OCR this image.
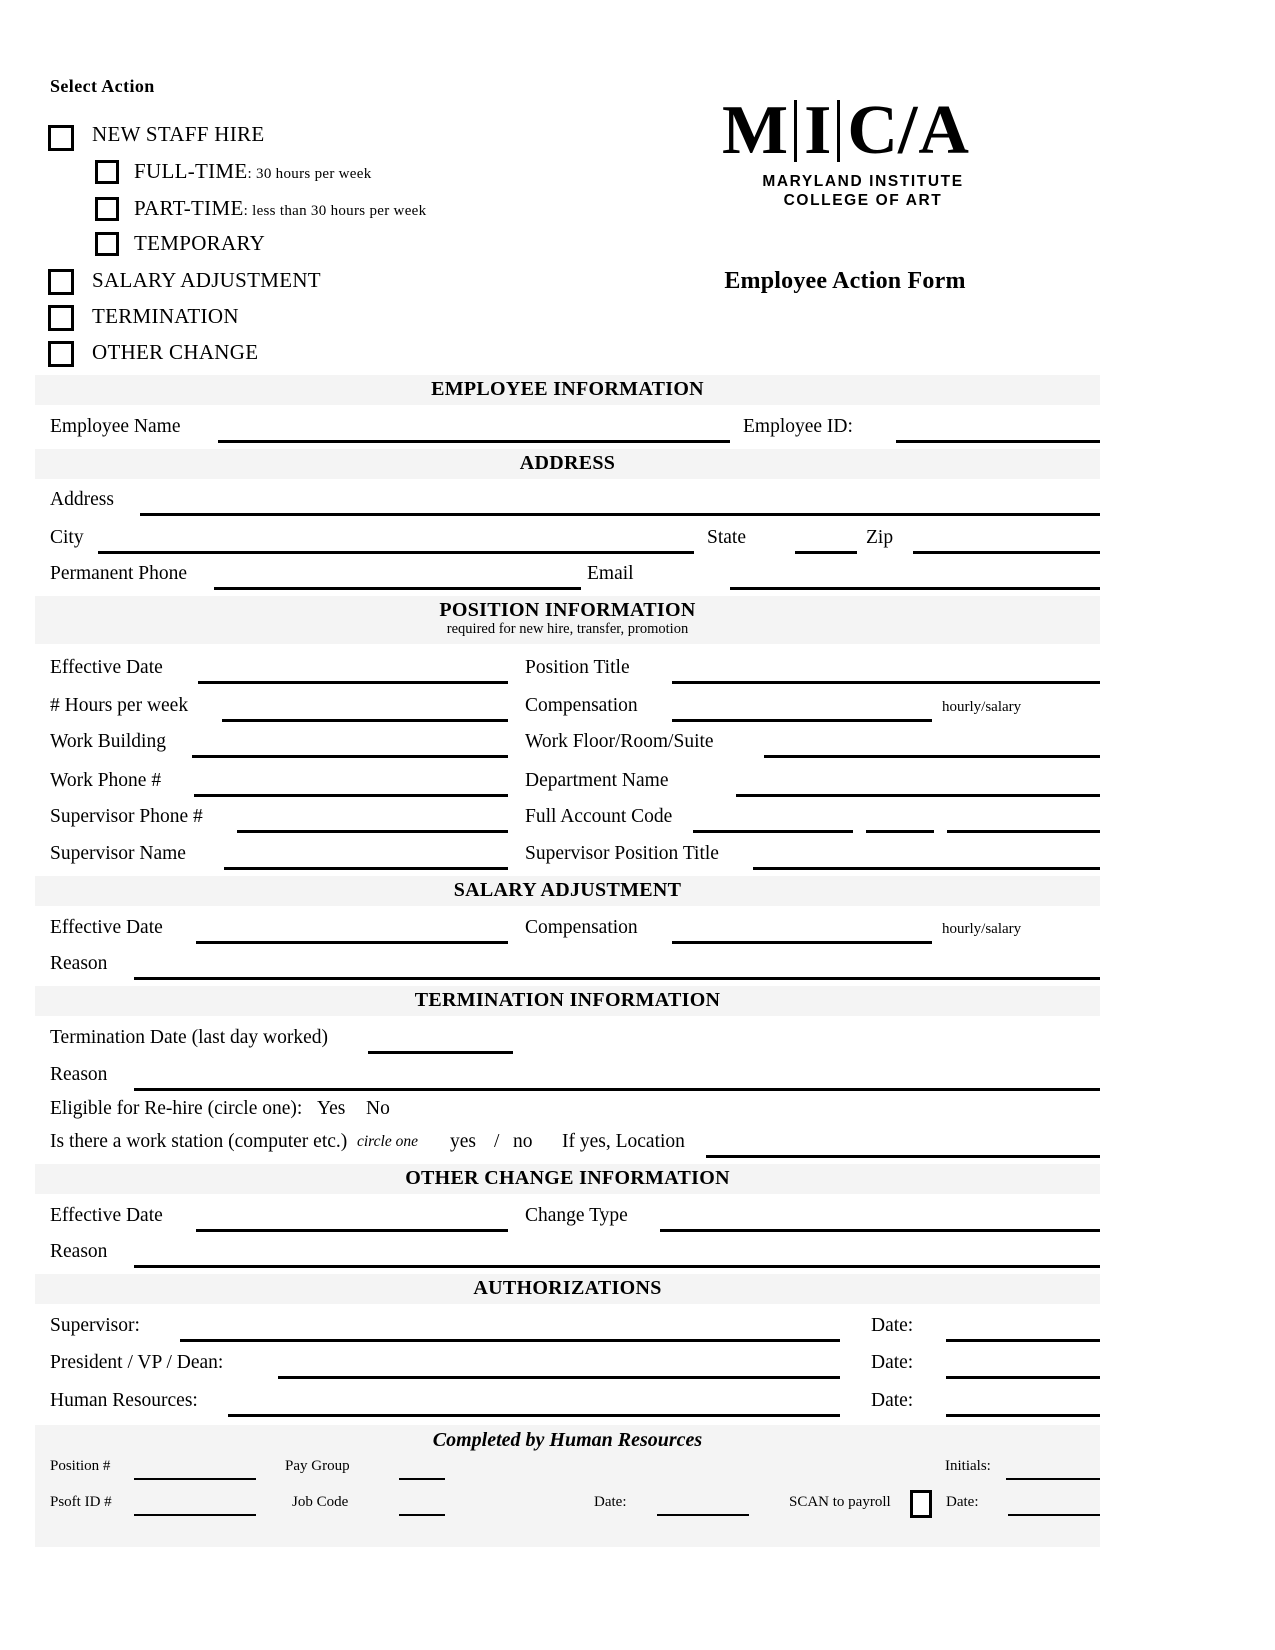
Select Action
NEW STAFF HIRE
FULL-TIME: 30 hours per week
PART-TIME: less than 30 hours per week
TEMPORARY
SALARY ADJUSTMENT
TERMINATION
OTHER CHANGE
M I C / A
MARYLAND INSTITUTE
COLLEGE OF ART
Employee Action Form
EMPLOYEE INFORMATION
Employee Name	Employee ID:
ADDRESS
Address
City	State	Zip
Permanent Phone	Email
POSITION INFORMATION
required for new hire, transfer, promotion
Effective Date	Position Title
# Hours per week	Compensation	hourly/salary
Work Building	Work Floor/Room/Suite
Work Phone #	Department Name
Supervisor Phone #	Full Account Code
Supervisor Name	Supervisor Position Title
SALARY ADJUSTMENT
Effective Date	Compensation	hourly/salary
Reason
TERMINATION INFORMATION
Termination Date (last day worked)
Reason
Eligible for Re-hire (circle one): Yes No
Is there a work station (computer etc.) circle one yes / no If yes, Location
OTHER CHANGE INFORMATION
Effective Date	Change Type
Reason
AUTHORIZATIONS
Supervisor:	Date:
President / VP / Dean:	Date:
Human Resources:	Date:
Completed by Human Resources
Position #	Pay Group	Initials:
Psoft ID #	Job Code	Date:	SCAN to payroll	Date:
